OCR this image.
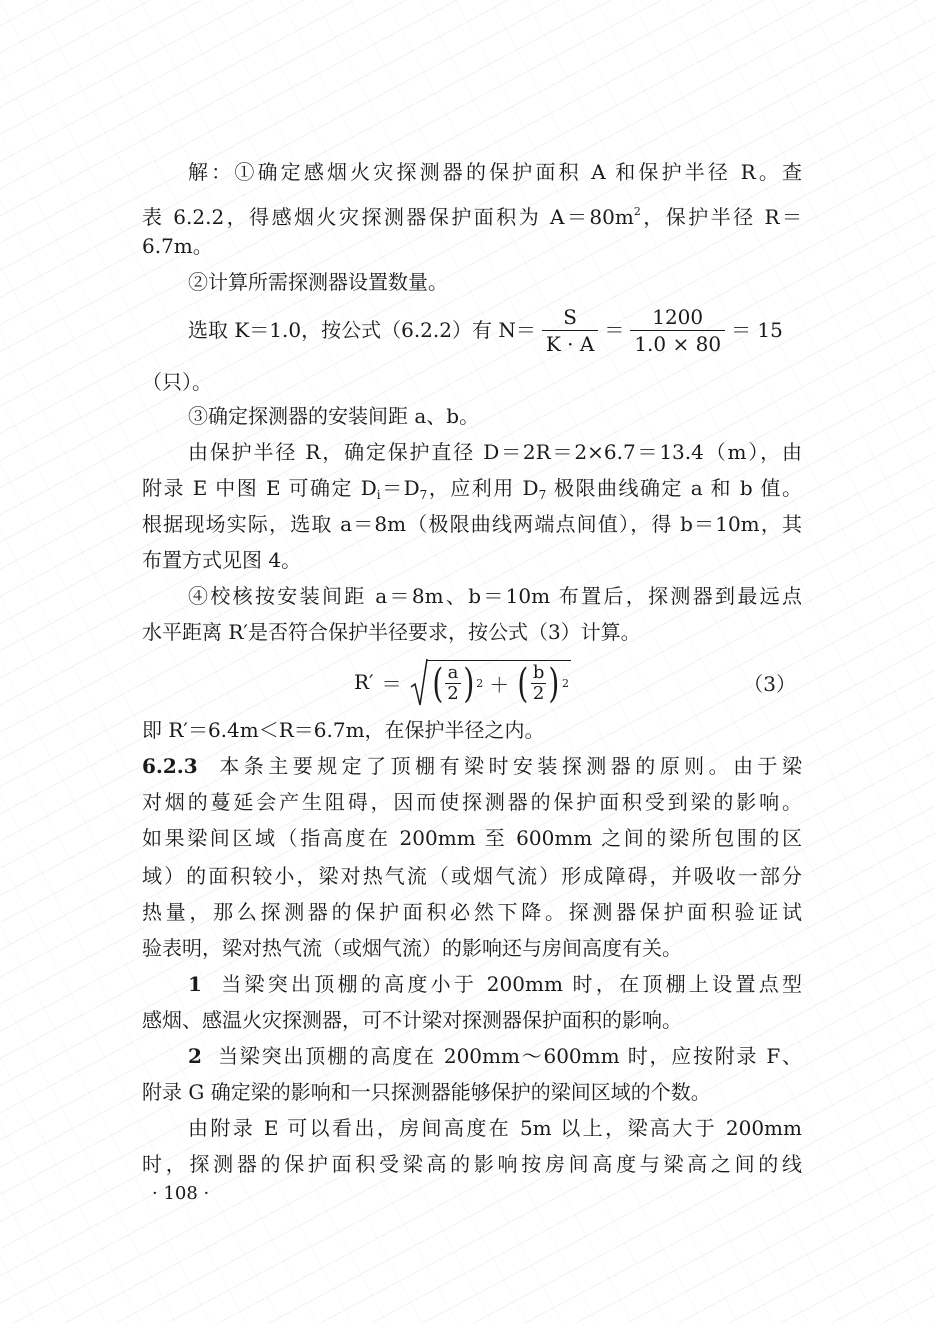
解：①确定感烟火灾探测器的保护面积 A 和保护半径 R。查
表 6.2.2，得感烟火灾探测器保护面积为 $A=80m^2$，保护半径 R＝
6.7m。
②计算所需探测器设置数量。
选取 K＝1.0，按公式（6.2.2）有 $N= \frac{S}{K \cdot A} = \frac{1200}{1.0 \times 80} = 15$
（只）。
③确定探测器的安装间距 a、b。
由保护半径 R，确定保护直径 D＝2R＝2×6.7＝13.4（m），由
附录 E 中图 E 可确定 $D_i=D_7$，应利用 $D_7$ 极限曲线确定 a 和 b 值。
根据现场实际，选取 a＝8m（极限曲线两端点间值），得 b＝10m，其
布置方式见图 4。
④校核按安装间距 a＝8m、b＝10m 布置后，探测器到最远点
水平距离 R′是否符合保护半径要求，按公式（3）计算。
R′ ＝ ( $\frac{a}{2}$ ) 2 ＋ ( $\frac{b}{2}$ ) 2	（3）
即 R′＝6.4m＜R＝6.7m，在保护半径之内。
6.2.3 本条主要规定了顶棚有梁时安装探测器的原则。由于梁
对烟的蔓延会产生阻碍，因而使探测器的保护面积受到梁的影响。
如果梁间区域（指高度在 200mm 至 600mm 之间的梁所包围的区
域）的面积较小，梁对热气流（或烟气流）形成障碍，并吸收一部分
热量，那么探测器的保护面积必然下降。探测器保护面积验证试
验表明，梁对热气流（或烟气流）的影响还与房间高度有关。
1 当梁突出顶棚的高度小于 200mm 时，在顶棚上设置点型
感烟、感温火灾探测器，可不计梁对探测器保护面积的影响。
2 当梁突出顶棚的高度在 200mm～600mm 时，应按附录 F、
附录 G 确定梁的影响和一只探测器能够保护的梁间区域的个数。
由附录 E 可以看出，房间高度在 5m 以上，梁高大于 200mm
时，探测器的保护面积受梁高的影响按房间高度与梁高之间的线
· 108 ·
